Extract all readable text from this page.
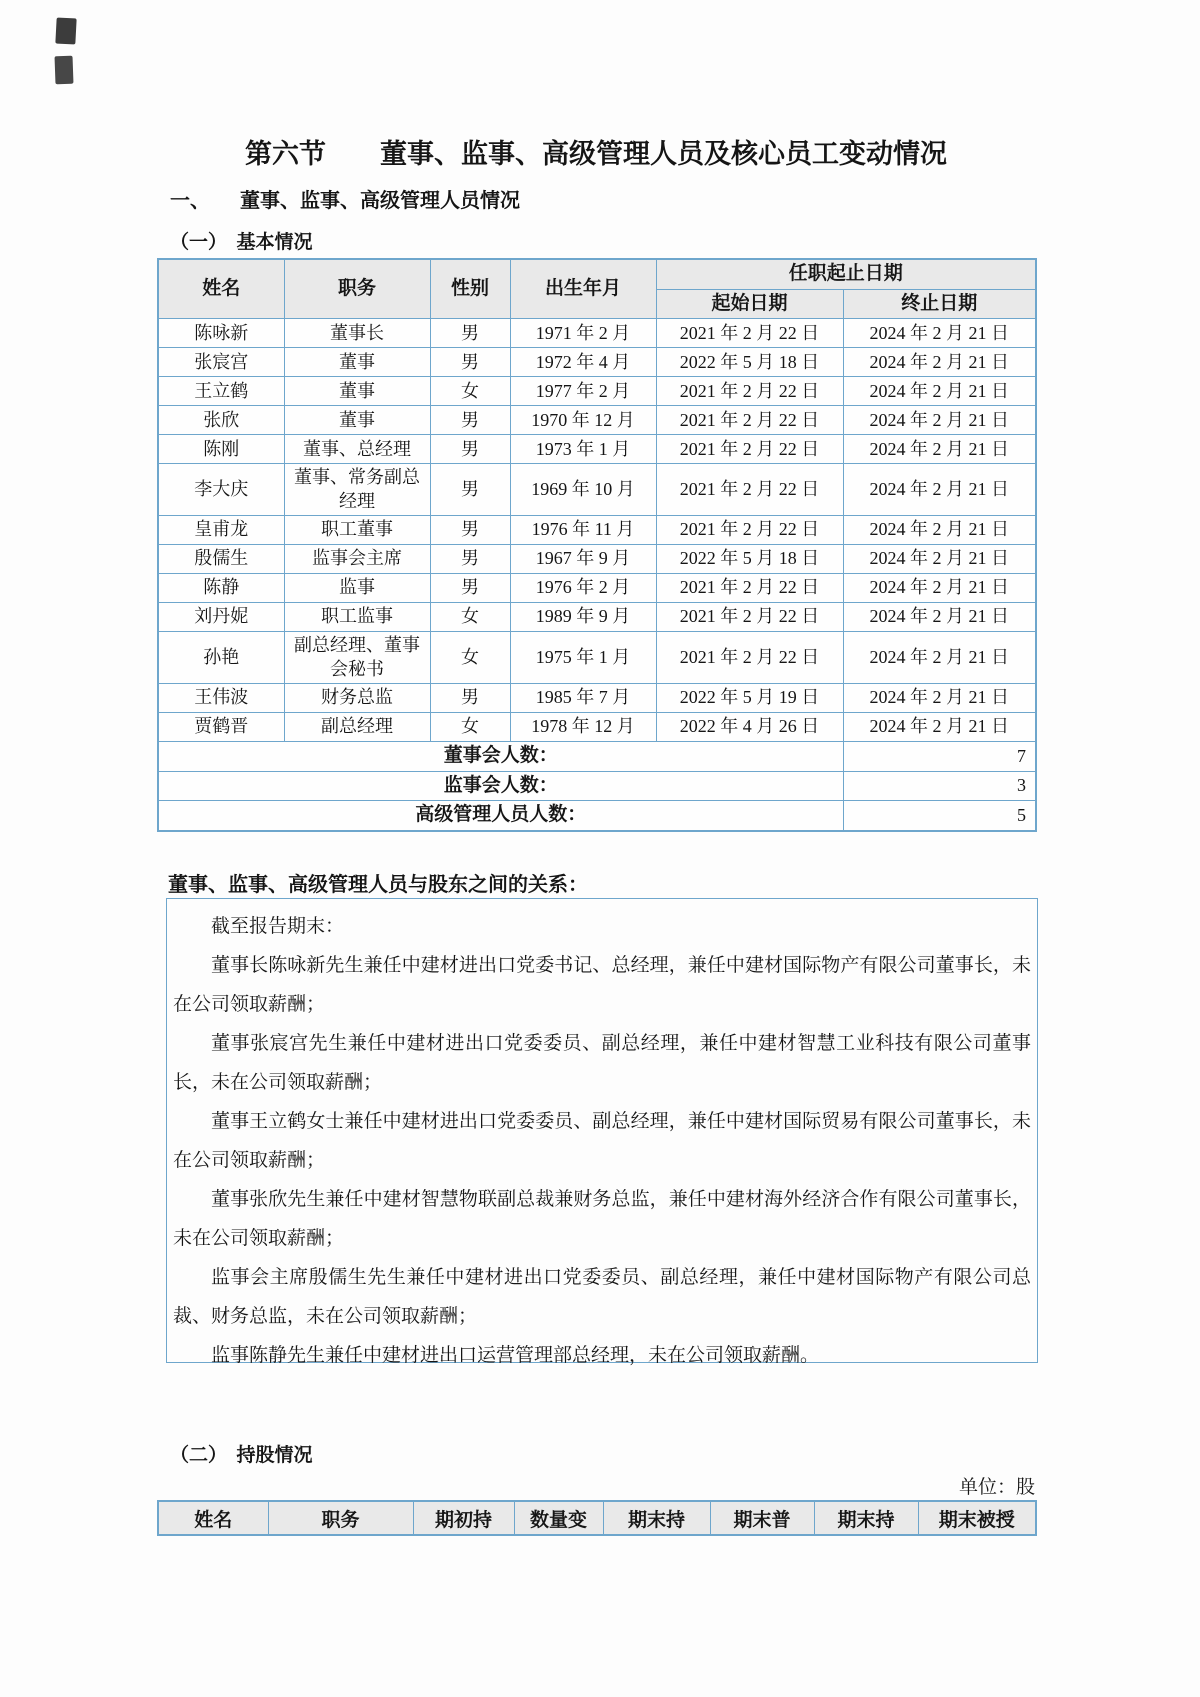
第六节　　董事、监事、高级管理人员及核心员工变动情况
一、　　董事、监事、高级管理人员情况
（一）　基本情况
姓名	职务	性别	出生年月	任职起止日期	
				起始日期	终止日期
陈咏新	董事长	男	1971 年 2 月	2021 年 2 月 22 日	2024 年 2 月 21 日
张宸宫	董事	男	1972 年 4 月	2022 年 5 月 18 日	2024 年 2 月 21 日
王立鹤	董事	女	1977 年 2 月	2021 年 2 月 22 日	2024 年 2 月 21 日
张欣	董事	男	1970 年 12 月	2021 年 2 月 22 日	2024 年 2 月 21 日
陈刚	董事、总经理	男	1973 年 1 月	2021 年 2 月 22 日	2024 年 2 月 21 日
李大庆	董事、常务副总经理	男	1969 年 10 月	2021 年 2 月 22 日	2024 年 2 月 21 日
皇甫龙	职工董事	男	1976 年 11 月	2021 年 2 月 22 日	2024 年 2 月 21 日
殷儒生	监事会主席	男	1967 年 9 月	2022 年 5 月 18 日	2024 年 2 月 21 日
陈静	监事	男	1976 年 2 月	2021 年 2 月 22 日	2024 年 2 月 21 日
刘丹妮	职工监事	女	1989 年 9 月	2021 年 2 月 22 日	2024 年 2 月 21 日
孙艳	副总经理、董事会秘书	女	1975 年 1 月	2021 年 2 月 22 日	2024 年 2 月 21 日
王伟波	财务总监	男	1985 年 7 月	2022 年 5 月 19 日	2024 年 2 月 21 日
贾鹤晋	副总经理	女	1978 年 12 月	2022 年 4 月 26 日	2024 年 2 月 21 日
董事会人数：					7
监事会人数：					3
高级管理人员人数：					5
董事、监事、高级管理人员与股东之间的关系：

截至报告期末：

董事长陈咏新先生兼任中建材进出口党委书记、总经理，兼任中建材国际物产有限公司董事长，未在公司领取薪酬；

董事张宸宫先生兼任中建材进出口党委委员、副总经理，兼任中建材智慧工业科技有限公司董事长，未在公司领取薪酬；

董事王立鹤女士兼任中建材进出口党委委员、副总经理，兼任中建材国际贸易有限公司董事长，未在公司领取薪酬；

董事张欣先生兼任中建材智慧物联副总裁兼财务总监，兼任中建材海外经济合作有限公司董事长，未在公司领取薪酬；

监事会主席殷儒生先生兼任中建材进出口党委委员、副总经理，兼任中建材国际物产有限公司总裁、财务总监，未在公司领取薪酬；

监事陈静先生兼任中建材进出口运营管理部总经理，未在公司领取薪酬。

（二）　持股情况
单位：股
姓名	职务	期初持	数量变	期末持	期末普	期末持	期末被授
